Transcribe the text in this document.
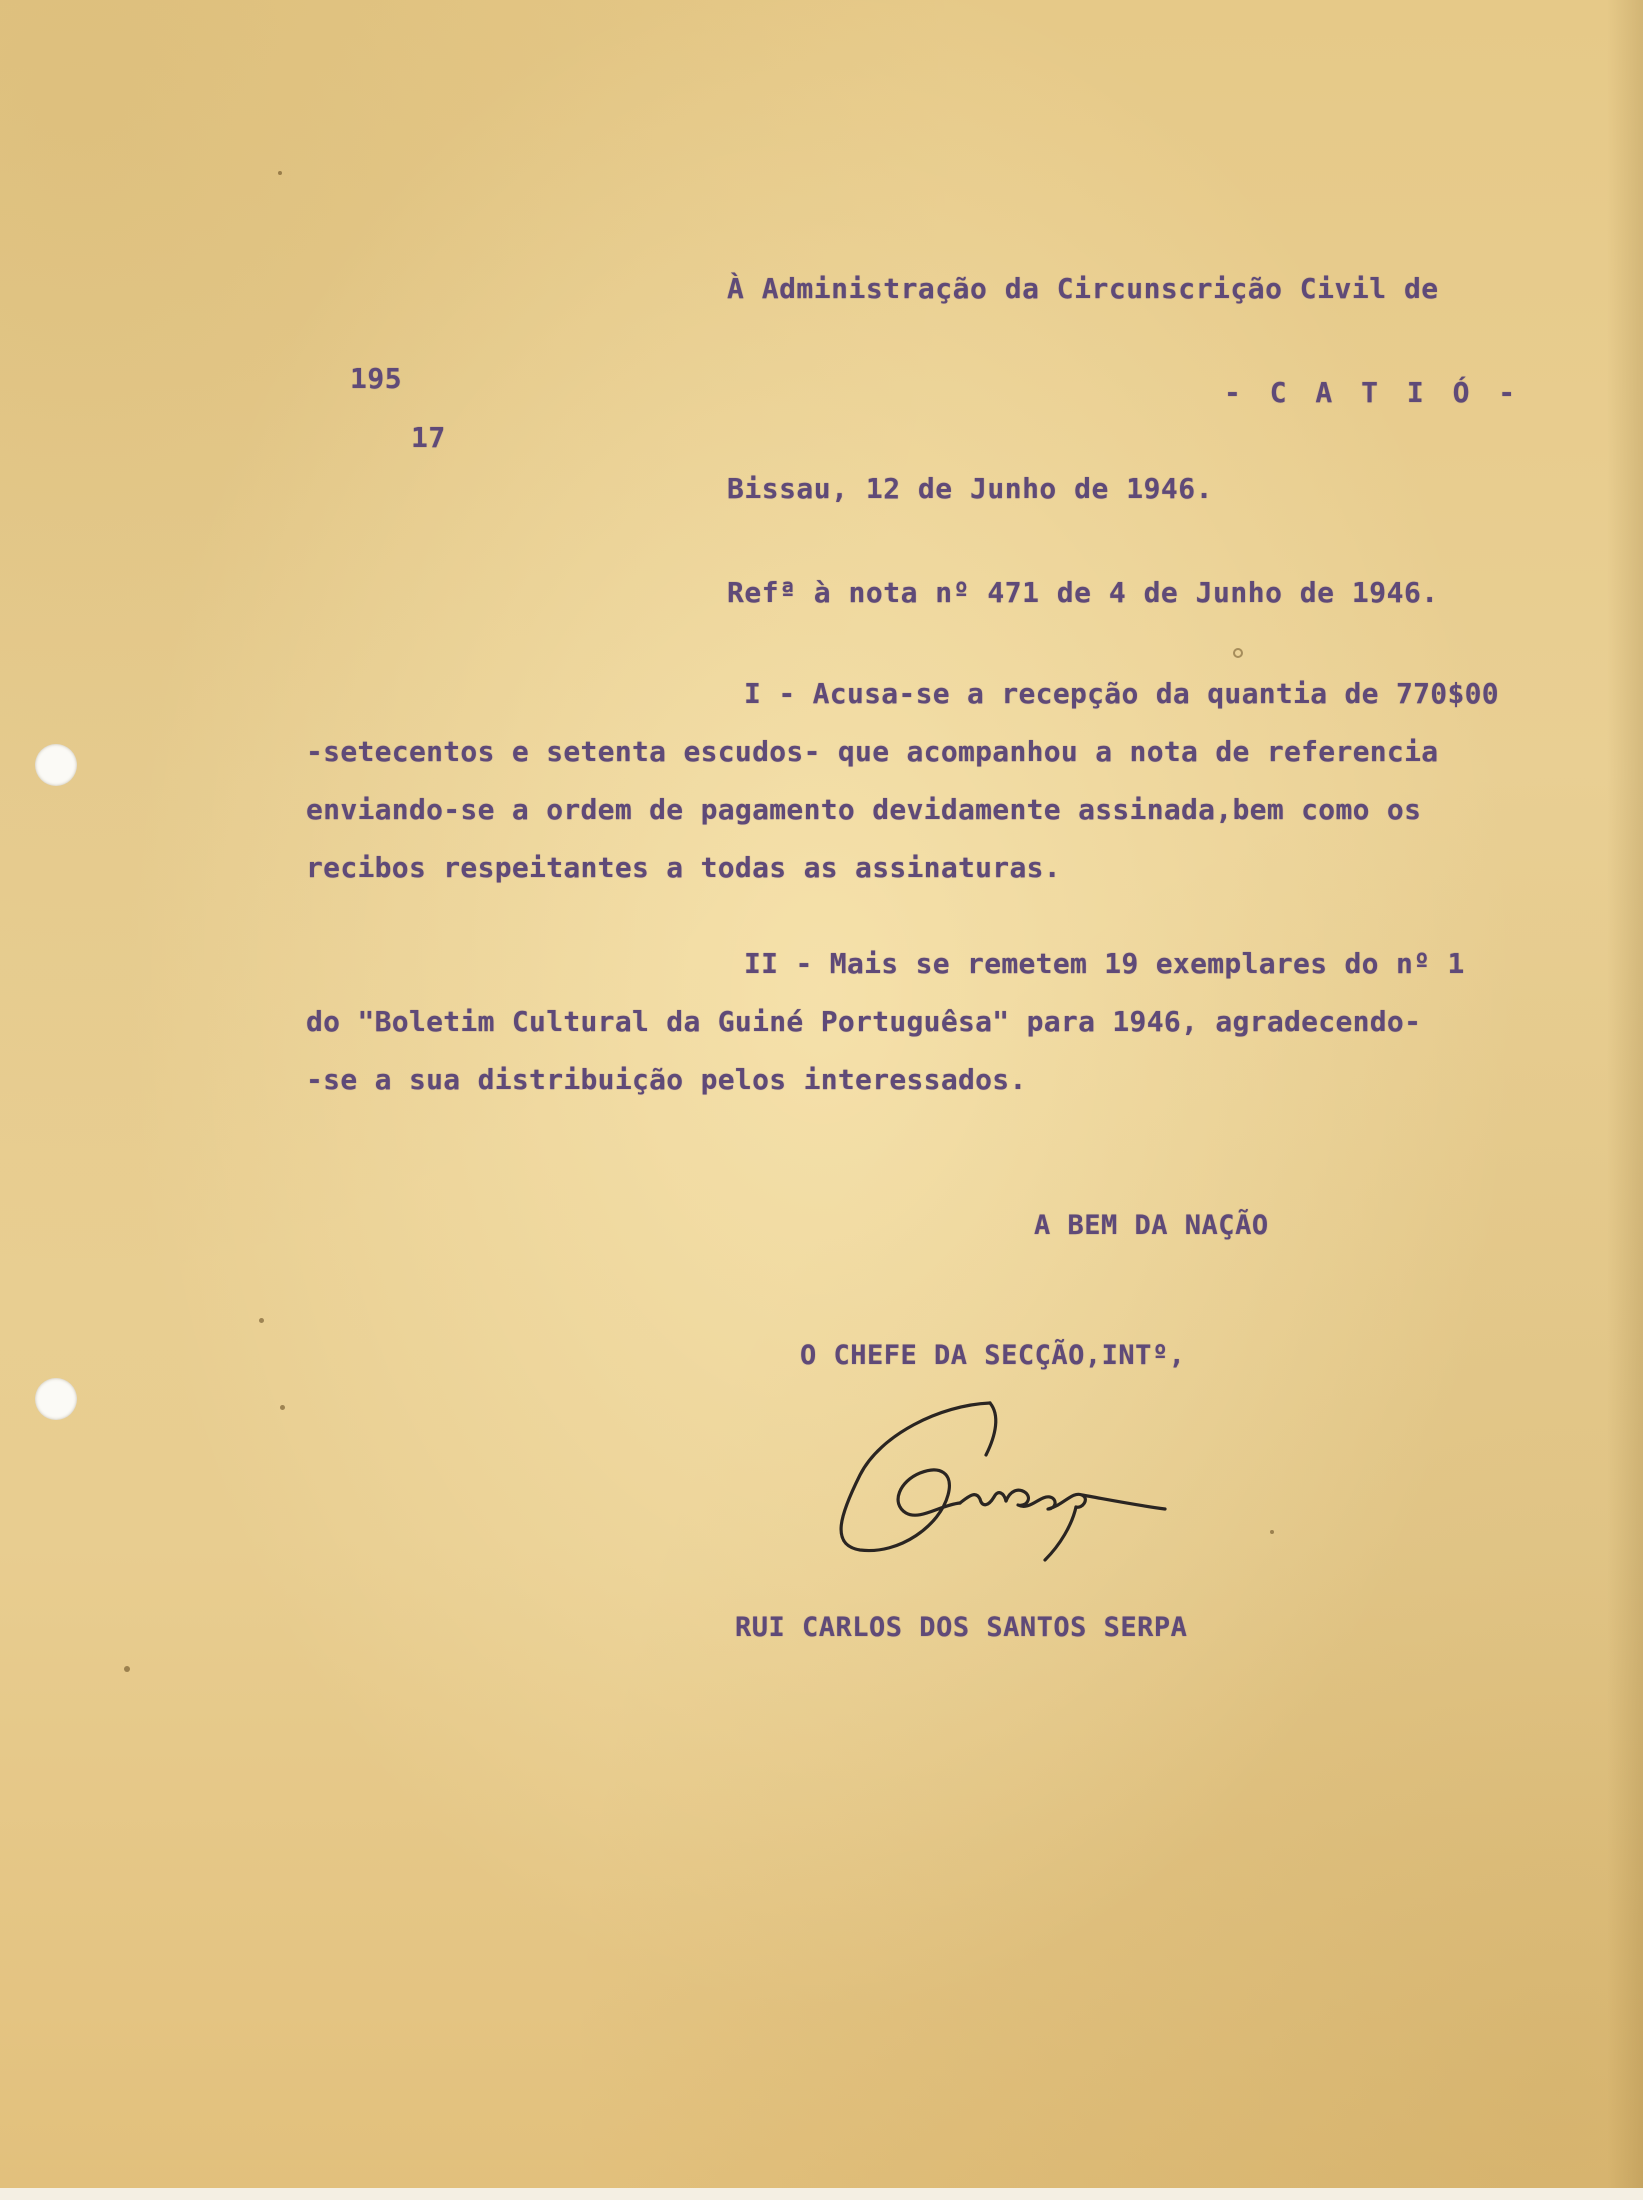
À Administração da Circunscrição Civil de
- C A T I Ó -
195
17
Bissau, 12 de Junho de 1946.
Refª à nota nº 471 de 4 de Junho de 1946.
I - Acusa-se a recepção da quantia de 770$00
-setecentos e setenta escudos- que acompanhou a nota de referencia
enviando-se a ordem de pagamento devidamente assinada,bem como os
recibos respeitantes a todas as assinaturas.
II - Mais se remetem 19 exemplares do nº 1
do "Boletim Cultural da Guiné Portuguêsa" para 1946, agradecendo-
-se a sua distribuição pelos interessados.
A BEM DA NAÇÃO
O CHEFE DA SECÇÃO,INTº,
RUI CARLOS DOS SANTOS SERPA
